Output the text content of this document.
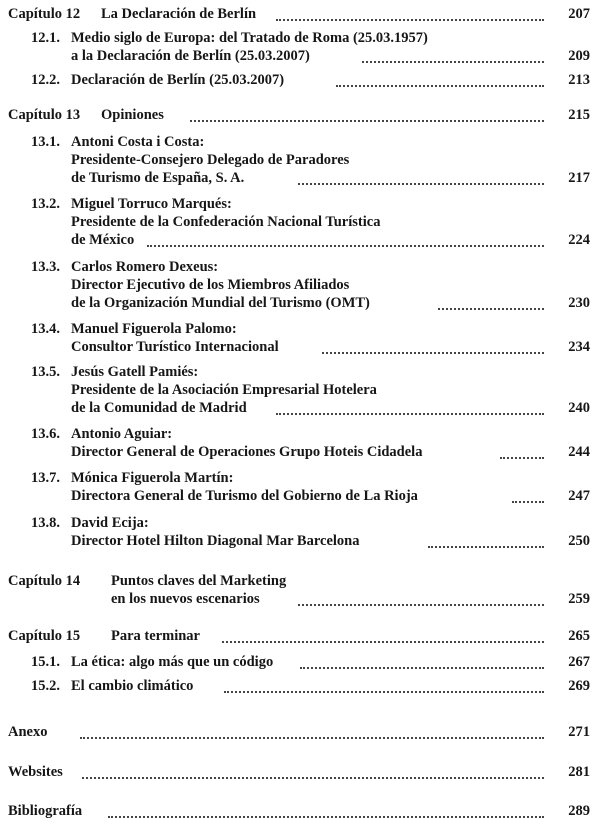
Capítulo 12 La Declaración de Berlín	207
12.1. Medio siglo de Europa: del Tratado de Roma (25.03.1957)
a la Declaración de Berlín (25.03.2007)	209
12.2. Declaración de Berlín (25.03.2007)	213
Capítulo 13 Opiniones	215
13.1. Antoni Costa i Costa:
Presidente-Consejero Delegado de Paradores
de Turismo de España, S. A.	217
13.2. Miguel Torruco Marqués:
Presidente de la Confederación Nacional Turística
de México	224
13.3. Carlos Romero Dexeus:
Director Ejecutivo de los Miembros Afiliados
de la Organización Mundial del Turismo (OMT)	230
13.4. Manuel Figuerola Palomo:
Consultor Turístico Internacional	234
13.5. Jesús Gatell Pamiés:
Presidente de la Asociación Empresarial Hotelera
de la Comunidad de Madrid	240
13.6. Antonio Aguiar:
Director General de Operaciones Grupo Hoteis Cidadela	244
13.7. Mónica Figuerola Martín:
Directora General de Turismo del Gobierno de La Rioja	247
13.8. David Ecija:
Director Hotel Hilton Diagonal Mar Barcelona	250
Capítulo 14 Puntos claves del Marketing
en los nuevos escenarios	259
Capítulo 15 Para terminar	265
15.1. La ética: algo más que un código	267
15.2. El cambio climático	269
Anexo	271
Websites	281
Bibliografía	289
